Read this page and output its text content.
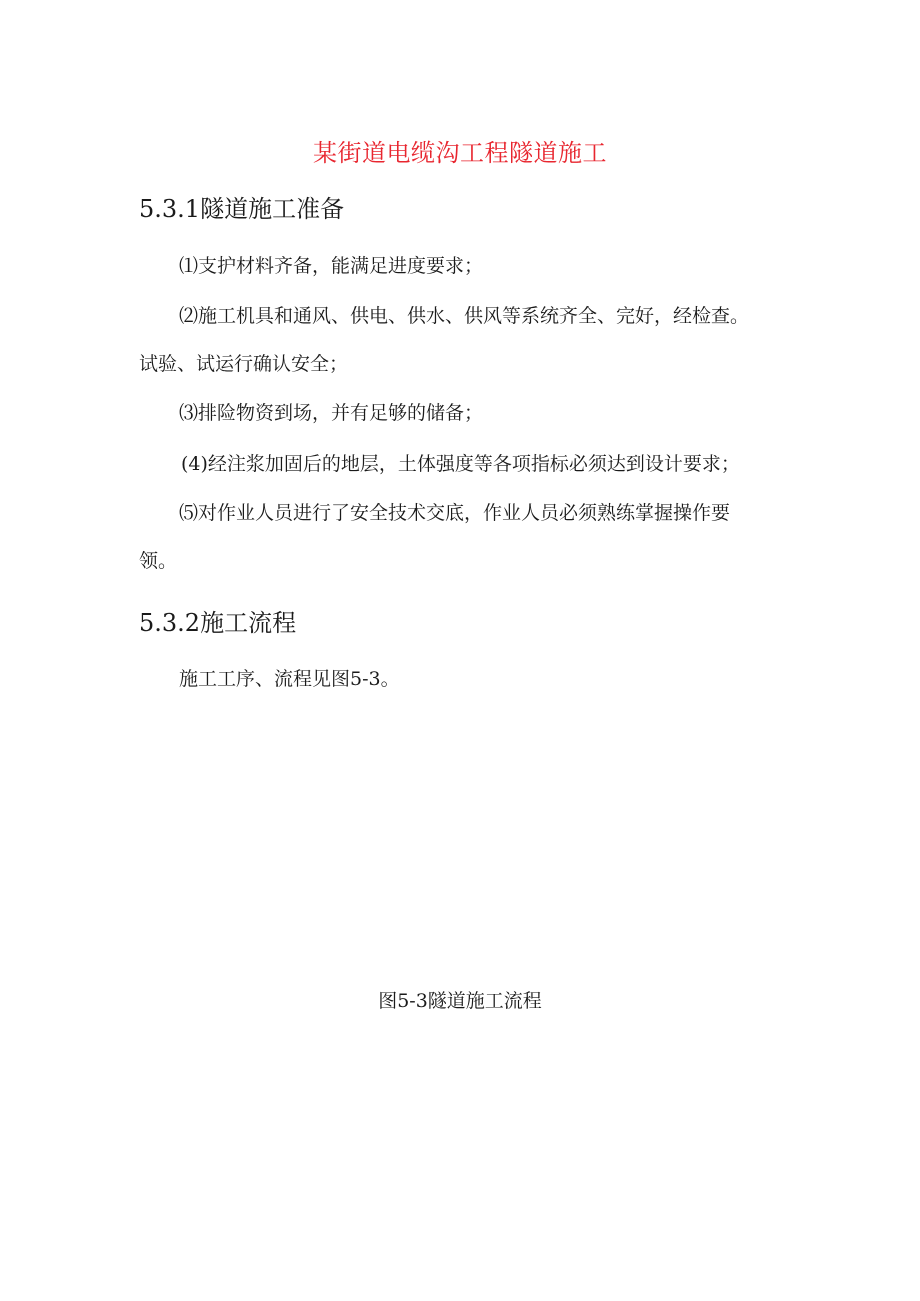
某街道电缆沟工程隧道施工
5.3.1隧道施工准备
⑴支护材料齐备，能满足进度要求；
⑵施工机具和通风、供电、供水、供风等系统齐全、完好，经检查。
试验、试运行确认安全；
⑶排险物资到场，并有足够的储备；
(4)经注浆加固后的地层，土体强度等各项指标必须达到设计要求；
⑸对作业人员进行了安全技术交底，作业人员必须熟练掌握操作要
领。
5.3.2施工流程
施工工序、流程见图5-3。
图5-3隧道施工流程
